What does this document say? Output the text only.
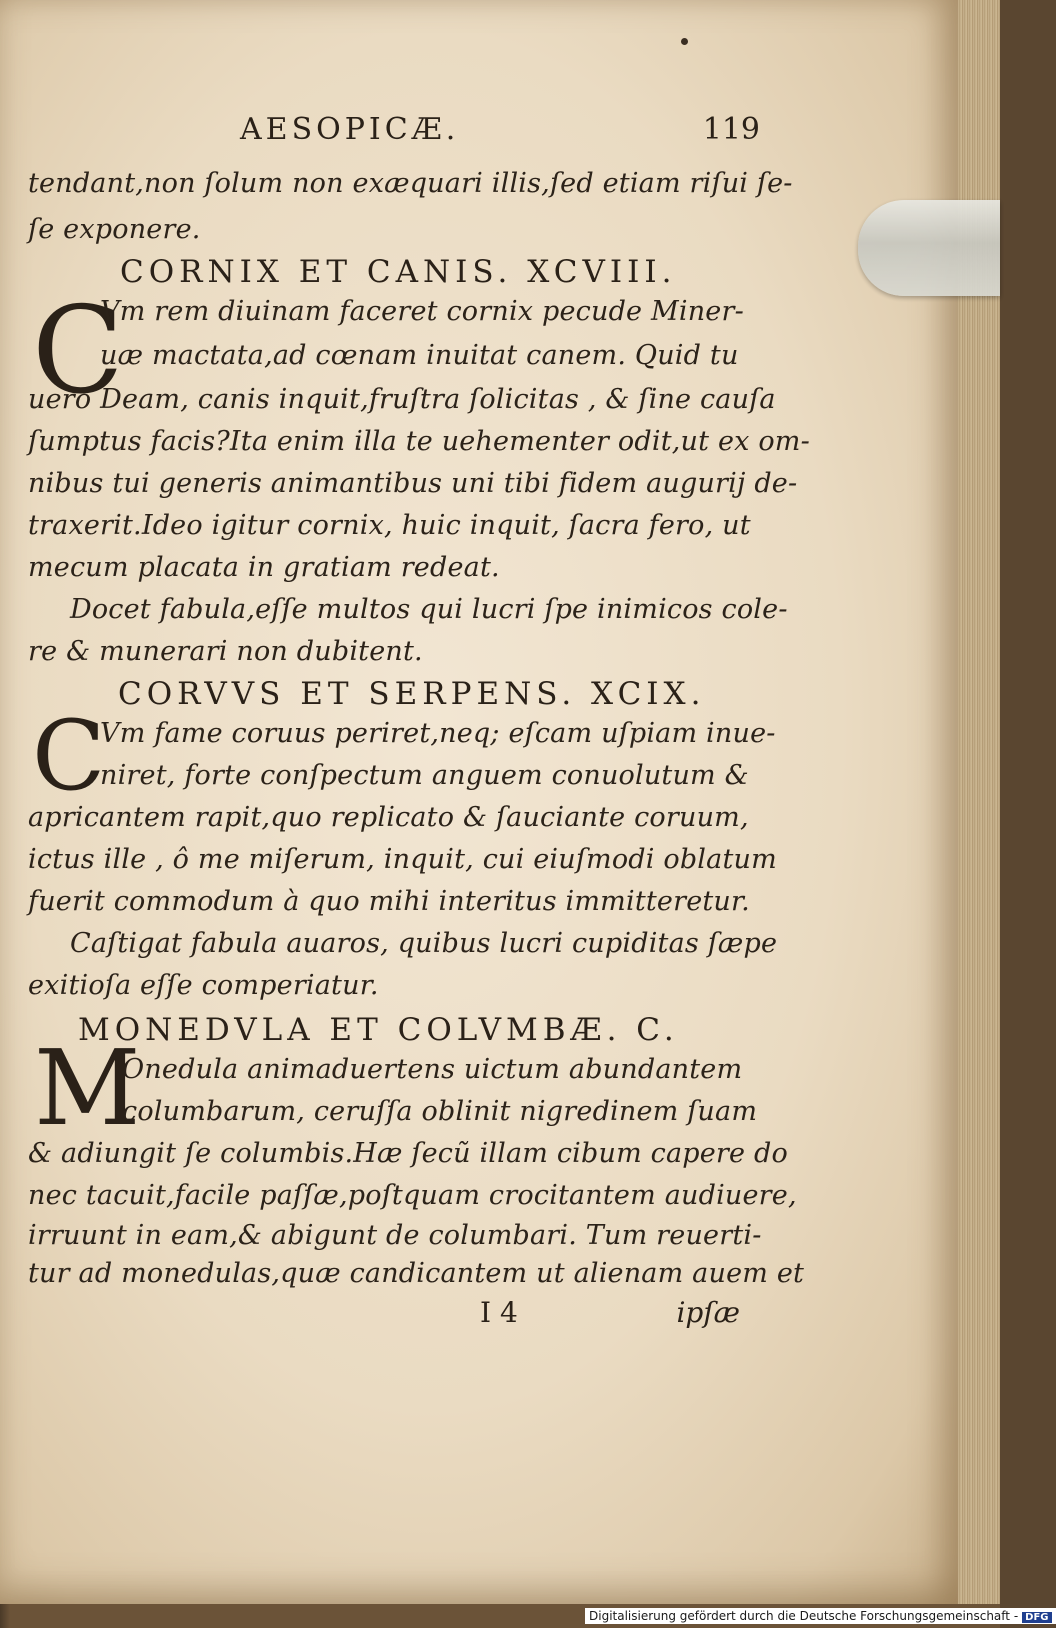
AESOPICÆ.	119
tendant,non ſolum non exæquari illis,ſed etiam riſui ſe-
ſe exponere.
CORNIX ET CANIS. XCVIII.
C
Vm rem diuinam faceret cornix pecude Miner-
uæ mactata,ad cœnam inuitat canem. Quid tu
uero Deam, canis inquit,fruſtra ſolicitas , & ſine cauſa
ſumptus facis?Ita enim illa te uehementer odit,ut ex om-
nibus tui generis animantibus uni tibi fidem augurij de-
traxerit.Ideo igitur cornix, huic inquit, ſacra fero, ut
mecum placata in gratiam redeat.
Docet fabula,eſſe multos qui lucri ſpe inimicos cole-
re & munerari non dubitent.
CORVVS ET SERPENS. XCIX.
C
Vm fame coruus periret,neq; eſcam uſpiam inue-
niret, forte conſpectum anguem conuolutum &
apricantem rapit,quo replicato & ſauciante coruum,
ictus ille , ô me miſerum, inquit, cui eiuſmodi oblatum
fuerit commodum à quo mihi interitus immitteretur.
Caſtigat fabula auaros, quibus lucri cupiditas ſæpe
exitioſa eſſe comperiatur.
MONEDVLA ET COLVMBÆ. C.
M
Onedula animaduertens uictum abundantem
columbarum, ceruſſa oblinit nigredinem ſuam
& adiungit ſe columbis.Hæ ſecũ illam cibum capere do
nec tacuit,facile paſſæ,poſtquam crocitantem audiuere,
irruunt in eam,& abigunt de columbari. Tum reuerti-
tur ad monedulas,quæ candicantem ut alienam auem et
I 4	ipſæ
Digitalisierung gefördert durch die Deutsche Forschungsgemeinschaft - DFG
